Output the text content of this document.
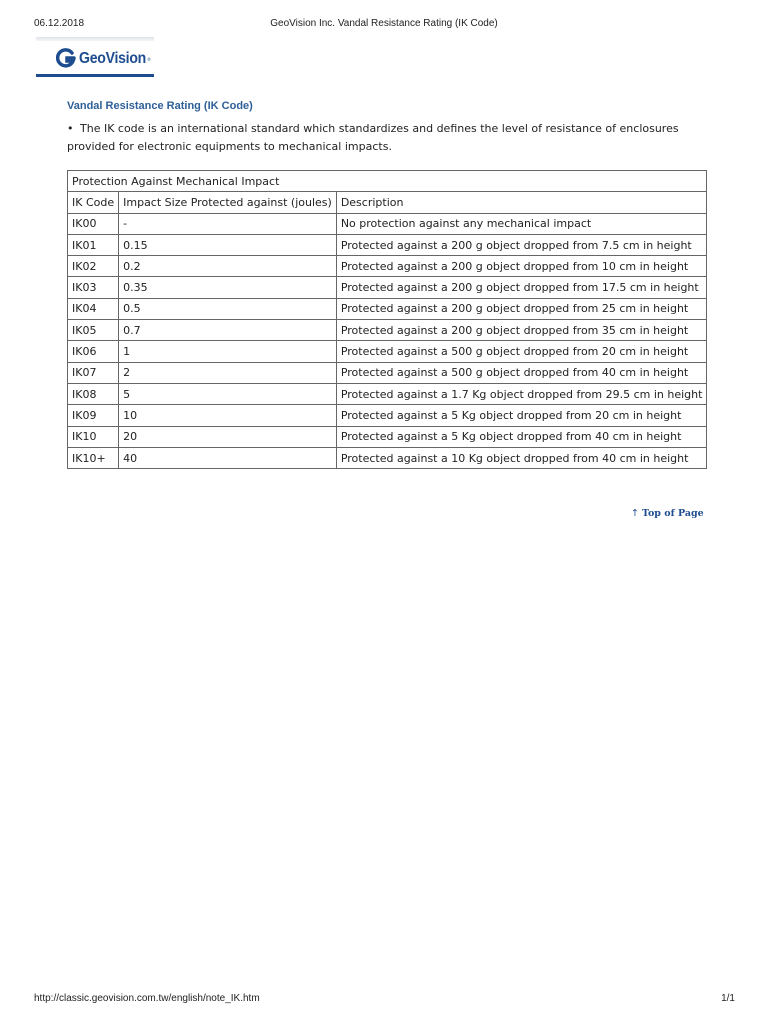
06.12.2018	GeoVision Inc. Vandal Resistance Rating (IK Code)
GeoVision ®
Vandal Resistance Rating (IK Code)
• The IK code is an international standard which standardizes and defines the level of resistance of enclosures provided for electronic equipments to mechanical impacts.
Protection Against Mechanical Impact		
IK Code	Impact Size Protected against (joules)	Description
IK00	-	No protection against any mechanical impact
IK01	0.15	Protected against a 200 g object dropped from 7.5 cm in height
IK02	0.2	Protected against a 200 g object dropped from 10 cm in height
IK03	0.35	Protected against a 200 g object dropped from 17.5 cm in height
IK04	0.5	Protected against a 200 g object dropped from 25 cm in height
IK05	0.7	Protected against a 200 g object dropped from 35 cm in height
IK06	1	Protected against a 500 g object dropped from 20 cm in height
IK07	2	Protected against a 500 g object dropped from 40 cm in height
IK08	5	Protected against a 1.7 Kg object dropped from 29.5 cm in height
IK09	10	Protected against a 5 Kg object dropped from 20 cm in height
IK10	20	Protected against a 5 Kg object dropped from 40 cm in height
IK10+	40	Protected against a 10 Kg object dropped from 40 cm in height
↑ Top of Page
http://classic.geovision.com.tw/english/note_IK.htm	1/1
